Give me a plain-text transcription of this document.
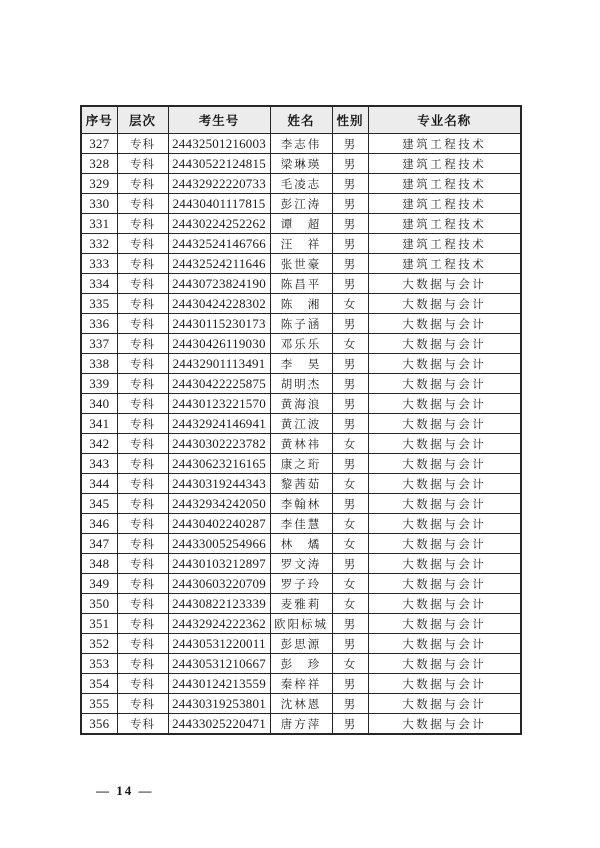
序号	层次	考生号	姓名	性别	专业名称
327	专科	24432501216003	李志伟	男	建筑工程技术
328	专科	24430522124815	梁琳瑛	男	建筑工程技术
329	专科	24432922220733	毛凌志	男	建筑工程技术
330	专科	24430401117815	彭江涛	男	建筑工程技术
331	专科	24430224252262	谭　超	男	建筑工程技术
332	专科	24432524146766	汪　祥	男	建筑工程技术
333	专科	24432524211646	张世豪	男	建筑工程技术
334	专科	24430723824190	陈昌平	男	大数据与会计
335	专科	24430424228302	陈　湘	女	大数据与会计
336	专科	24430115230173	陈子涵	男	大数据与会计
337	专科	24430426119030	邓乐乐	女	大数据与会计
338	专科	24432901113491	李　昊	男	大数据与会计
339	专科	24430422225875	胡明杰	男	大数据与会计
340	专科	24430123221570	黄海浪	男	大数据与会计
341	专科	24432924146941	黄江波	男	大数据与会计
342	专科	24430302223782	黄林祎	女	大数据与会计
343	专科	24430623216165	康之珩	男	大数据与会计
344	专科	24430319244343	黎茜茹	女	大数据与会计
345	专科	24432934242050	李翰林	男	大数据与会计
346	专科	24430402240287	李佳慧	女	大数据与会计
347	专科	24433005254966	林　燏	女	大数据与会计
348	专科	24430103212897	罗文涛	男	大数据与会计
349	专科	24430603220709	罗子玲	女	大数据与会计
350	专科	24430822123339	麦雅莉	女	大数据与会计
351	专科	24432924222362	欧阳标城	男	大数据与会计
352	专科	24430531220011	彭思源	男	大数据与会计
353	专科	24430531210667	彭　珍	女	大数据与会计
354	专科	24430124213559	秦梓祥	男	大数据与会计
355	专科	24430319253801	沈林恩	男	大数据与会计
356	专科	24433025220471	唐方萍	男	大数据与会计
— 14 —
